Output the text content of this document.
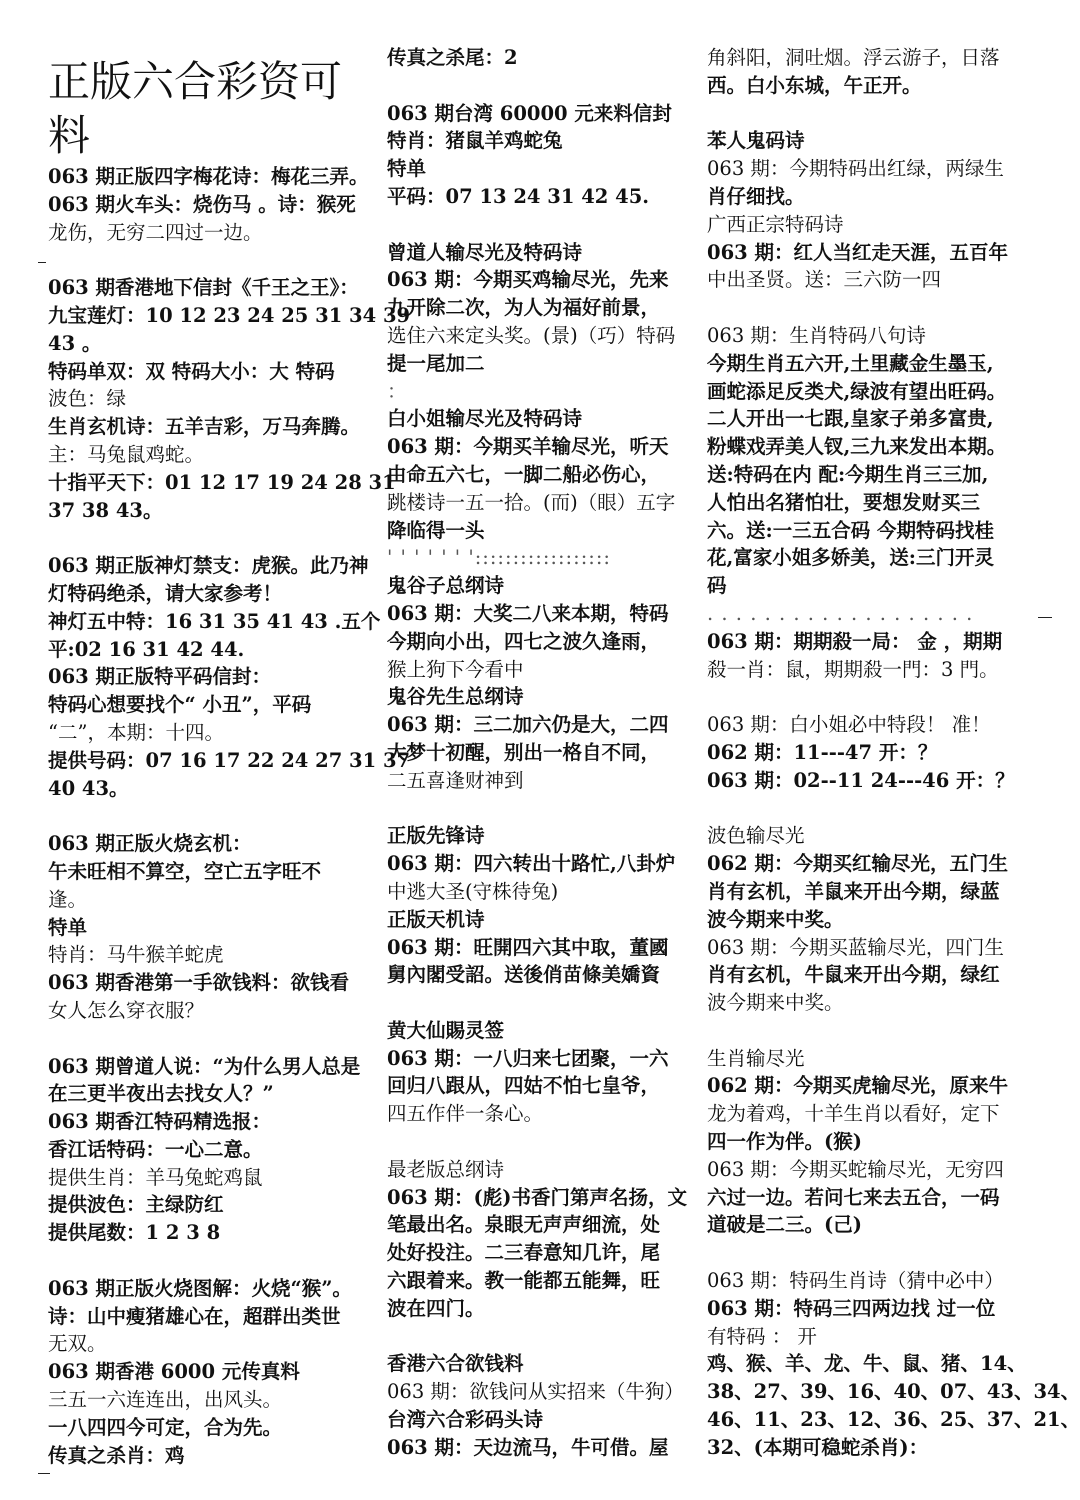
正版六合彩资可
料
063 期正版四字梅花诗：梅花三弄。
063 期火车头：烧伤马 。诗：猴死
龙伤，无穷二四过一边。
063 期香港地下信封《千王之王》：
九宝莲灯：10 12 23 24 25 31 34 39
43 。
特码单双：双 特码大小：大 特码
波色：绿
生肖玄机诗：五羊吉彩，万马奔腾。
主：马兔鼠鸡蛇。
十指平天下：01 12 17 19 24 28 31
37 38 43。
063 期正版神灯禁支：虎猴。此乃神
灯特码绝杀，请大家参考！
神灯五中特：16 31 35 41 43 .五个
平:02 16 31 42 44.
063 期正版特平码信封：
特码心想要找个“ 小丑”，平码
“二”，本期：十四。
提供号码：07 16 17 22 24 27 31 37
40 43。
063 期正版火烧玄机：
午未旺相不算空，空亡五字旺不
逢。
特单
特肖：马牛猴羊蛇虎
063 期香港第一手欲钱料：欲钱看
女人怎么穿衣服？
063 期曾道人说：“为什么男人总是
在三更半夜出去找女人？”
063 期香江特码精选报：
香江话特码：一心二意。
提供生肖：羊马兔蛇鸡鼠
提供波色：主绿防红
提供尾数：1 2 3 8
063 期正版火烧图解：火烧“猴”。
诗：山中瘦猪雄心在，超群出类世
无双。
063 期香港 6000 元传真料
三五一六连连出，出风头。
一八四四今可定，合为先。
传真之杀肖：鸡
传真之杀尾：2
063 期台湾 60000 元来料信封
特肖：猪鼠羊鸡蛇兔
特单
平码：07 13 24 31 42 45.
曾道人输尽光及特码诗
063 期：今期买鸡输尽光，先来
九开除二次，为人为福好前景，
选住六来定头奖。(景)（巧）特码
提一尾加二
：
白小姐输尽光及特码诗
063 期：今期买羊输尽光，听天
由命五六七，一脚二船必伤心，
跳楼诗一五一拾。(而)（眼）五字
降临得一头
' ' ' ' ' ' '::::::::::::::::::
鬼谷子总纲诗
063 期：大奖二八来本期，特码
今期向小出，四七之波久逢雨，
猴上狗下今看中
鬼谷先生总纲诗
063 期：三二加六仍是大，二四
大梦十初醒，别出一格自不同，
二五喜逢财神到
正版先锋诗
063 期：四六转出十路忙,八卦炉
中逃大圣(守株待兔)
正版天机诗
063 期：旺開四六其中取，董國
舅內閣受詔。送後俏苗條美嬌資
黄大仙賜灵签
063 期：一八归来七团聚，一六
回归八跟从，四姑不怕七皇爷，
四五作伴一条心。
最老版总纲诗
063 期：(彪)书香门第声名扬，文
笔最出名。泉眼无声声细流，处
处好投注。二三春意知几许，尾
六跟着来。教一能都五能舞，旺
波在四门。
香港六合欲钱料
063 期：欲钱问从实招来（牛狗）
台湾六合彩码头诗
063 期：天边流马，牛可借。屋
角斜阳，洞吐烟。浮云游子，日落
西。白小东城，午正开。
苯人鬼码诗
063 期：今期特码出红绿，两绿生
肖仔细找。
广西正宗特码诗
063 期：红人当红走天涯，五百年
中出圣贤。送：三六防一四
063 期：生肖特码八句诗
今期生肖五六开,土里藏金生墨玉,
画蛇添足反类犬,绿波有望出旺码。
二人开出一七跟,皇家子弟多富贵,
粉蝶戏弄美人钗,三九来发出本期。
送:特码在内 配:今期生肖三三加,
人怕出名猪怕壮，要想发财买三
六。送:一三五合码 今期特码找桂
花,富家小姐多娇美，送:三门开灵
码
. . . . . . . . . . . . . . . . . . .
063 期：期期殺一局： 金 ，期期
殺一肖：鼠，期期殺一門：3 門。
063 期：白小姐必中特段！ 准！
062 期：11---47 开：？
063 期：02--11 24---46 开：？
波色输尽光
062 期：今期买红输尽光，五门生
肖有玄机，羊鼠来开出今期，绿蓝
波今期来中奖。
063 期：今期买蓝输尽光，四门生
肖有玄机，牛鼠来开出今期，绿红
波今期来中奖。
生肖输尽光
062 期：今期买虎输尽光，原来牛
龙为着鸡，十羊生肖以看好，定下
四一作为伴。(猴)
063 期：今期买蛇输尽光，无穷四
六过一边。若问七来去五合，一码
道破是二三。(己)
063 期：特码生肖诗（猜中必中）
063 期：特码三四两边找 过一位
有特码 ： 开
鸡、猴、羊、龙、牛、鼠、猪、14、
38、27、39、16、40、07、43、34、
46、11、23、12、36、25、37、21、
32、(本期可稳蛇杀肖)：
